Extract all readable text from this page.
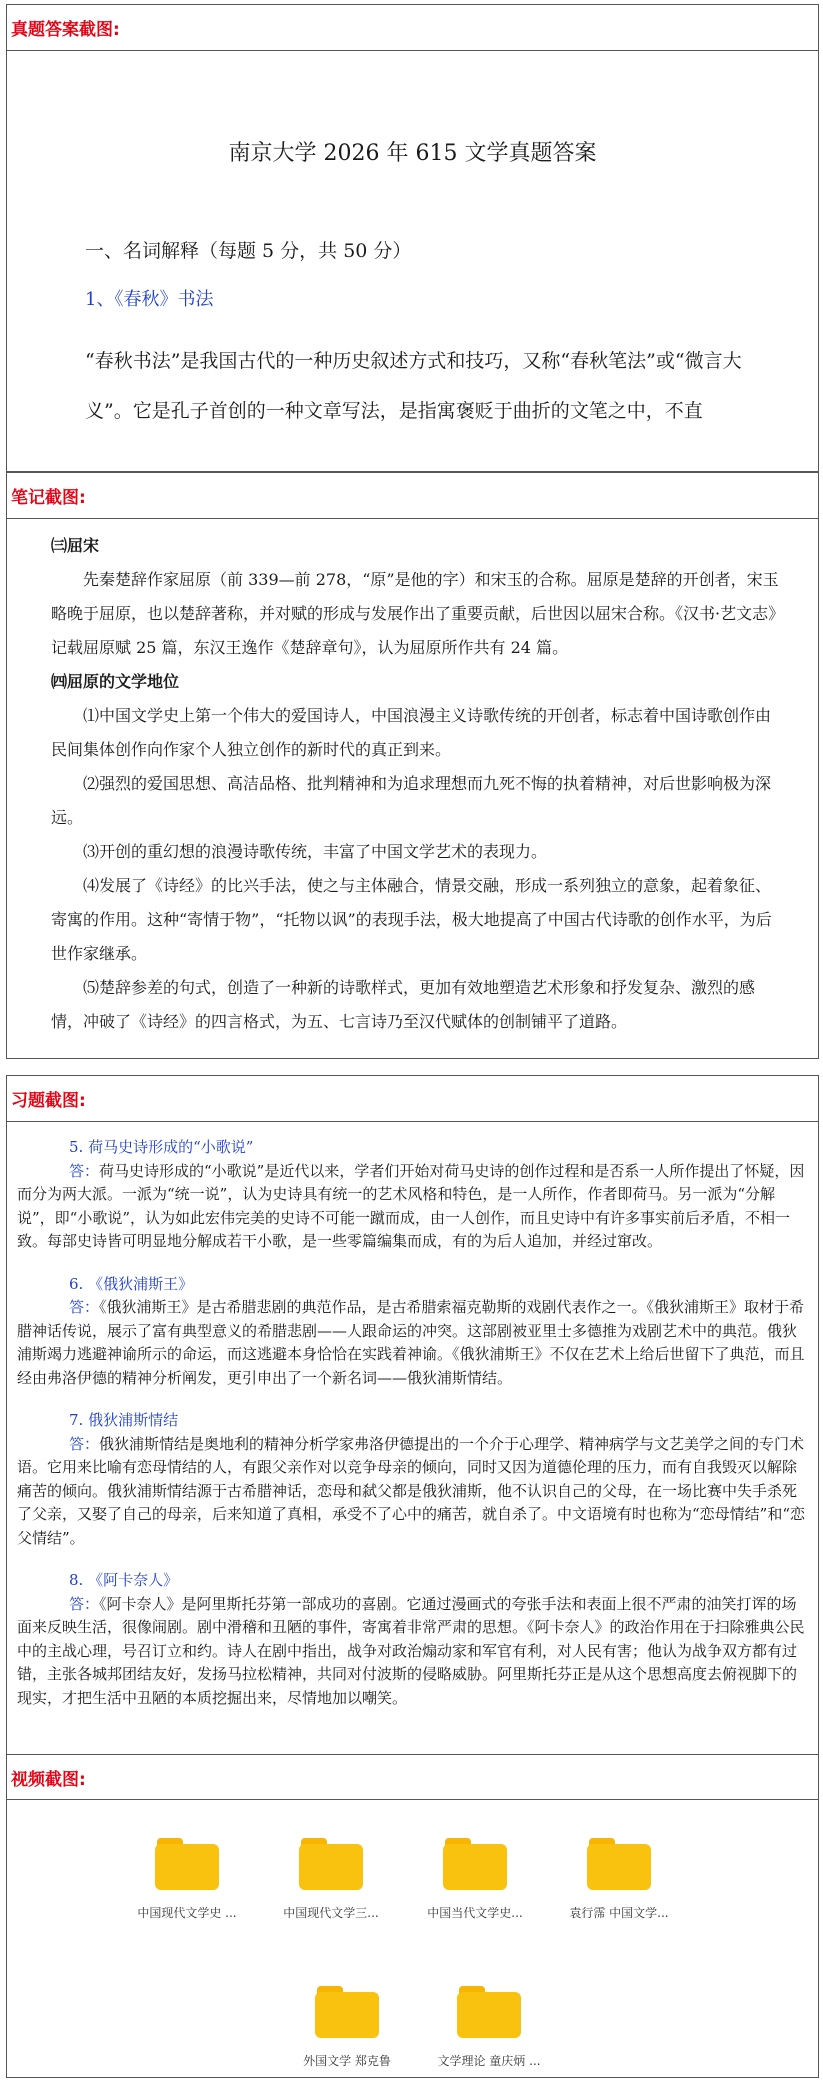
真题答案截图:
南京大学 2026 年 615 文学真题答案
一、名词解释（每题 5 分，共 50 分）
1、《春秋》书法
“春秋书法”是我国古代的一种历史叙述方式和技巧，又称“春秋笔法”或“微言大义”。它是孔子首创的一种文章写法，是指寓褒贬于曲折的文笔之中，不直
笔记截图:

㈢屈宋

先秦楚辞作家屈原（前 339—前 278，“原”是他的字）和宋玉的合称。屈原是楚辞的开创者，宋玉略晚于屈原，也以楚辞著称，并对赋的形成与发展作出了重要贡献，后世因以屈宋合称。《汉书·艺文志》记载屈原赋 25 篇，东汉王逸作《楚辞章句》，认为屈原所作共有 24 篇。

㈣屈原的文学地位

⑴中国文学史上第一个伟大的爱国诗人，中国浪漫主义诗歌传统的开创者，标志着中国诗歌创作由民间集体创作向作家个人独立创作的新时代的真正到来。

⑵强烈的爱国思想、高洁品格、批判精神和为追求理想而九死不悔的执着精神，对后世影响极为深远。

⑶开创的重幻想的浪漫诗歌传统，丰富了中国文学艺术的表现力。

⑷发展了《诗经》的比兴手法，使之与主体融合，情景交融，形成一系列独立的意象，起着象征、寄寓的作用。这种“寄情于物”，“托物以讽”的表现手法，极大地提高了中国古代诗歌的创作水平，为后世作家继承。

⑸楚辞参差的句式，创造了一种新的诗歌样式，更加有效地塑造艺术形象和抒发复杂、激烈的感情，冲破了《诗经》的四言格式，为五、七言诗乃至汉代赋体的创制铺平了道路。

习题截图:

5. 荷马史诗形成的“小歌说”

答：荷马史诗形成的“小歌说”是近代以来，学者们开始对荷马史诗的创作过程和是否系一人所作提出了怀疑，因而分为两大派。一派为“统一说”，认为史诗具有统一的艺术风格和特色，是一人所作，作者即荷马。另一派为“分解说”，即“小歌说”，认为如此宏伟完美的史诗不可能一蹴而成，由一人创作，而且史诗中有许多事实前后矛盾，不相一致。每部史诗皆可明显地分解成若干小歌，是一些零篇编集而成，有的为后人追加，并经过窜改。

6. 《俄狄浦斯王》

答：《俄狄浦斯王》是古希腊悲剧的典范作品，是古希腊索福克勒斯的戏剧代表作之一。《俄狄浦斯王》取材于希腊神话传说，展示了富有典型意义的希腊悲剧——人跟命运的冲突。这部剧被亚里士多德推为戏剧艺术中的典范。俄狄浦斯竭力逃避神谕所示的命运，而这逃避本身恰恰在实践着神谕。《俄狄浦斯王》不仅在艺术上给后世留下了典范，而且经由弗洛伊德的精神分析阐发，更引申出了一个新名词——俄狄浦斯情结。

7. 俄狄浦斯情结

答：俄狄浦斯情结是奥地利的精神分析学家弗洛伊德提出的一个介于心理学、精神病学与文艺美学之间的专门术语。它用来比喻有恋母情结的人，有跟父亲作对以竞争母亲的倾向，同时又因为道德伦理的压力，而有自我毁灭以解除痛苦的倾向。俄狄浦斯情结源于古希腊神话，恋母和弑父都是俄狄浦斯，他不认识自己的父母，在一场比赛中失手杀死了父亲，又娶了自己的母亲，后来知道了真相，承受不了心中的痛苦，就自杀了。中文语境有时也称为“恋母情结”和“恋父情结”。

8. 《阿卡奈人》

答：《阿卡奈人》是阿里斯托芬第一部成功的喜剧。它通过漫画式的夸张手法和表面上很不严肃的油笑打诨的场面来反映生活，很像闹剧。剧中滑稽和丑陋的事件，寄寓着非常严肃的思想。《阿卡奈人》的政治作用在于扫除雅典公民中的主战心理，号召订立和约。诗人在剧中指出，战争对政治煽动家和军官有利，对人民有害；他认为战争双方都有过错，主张各城邦团结友好，发扬马拉松精神，共同对付波斯的侵略威胁。阿里斯托芬正是从这个思想高度去俯视脚下的现实，才把生活中丑陋的本质挖掘出来，尽情地加以嘲笑。

视频截图:
中国现代文学史 ...	中国现代文学三...	中国当代文学史...	袁行霈 中国文学...
外国文学 郑克鲁	文学理论 童庆炳 ...
